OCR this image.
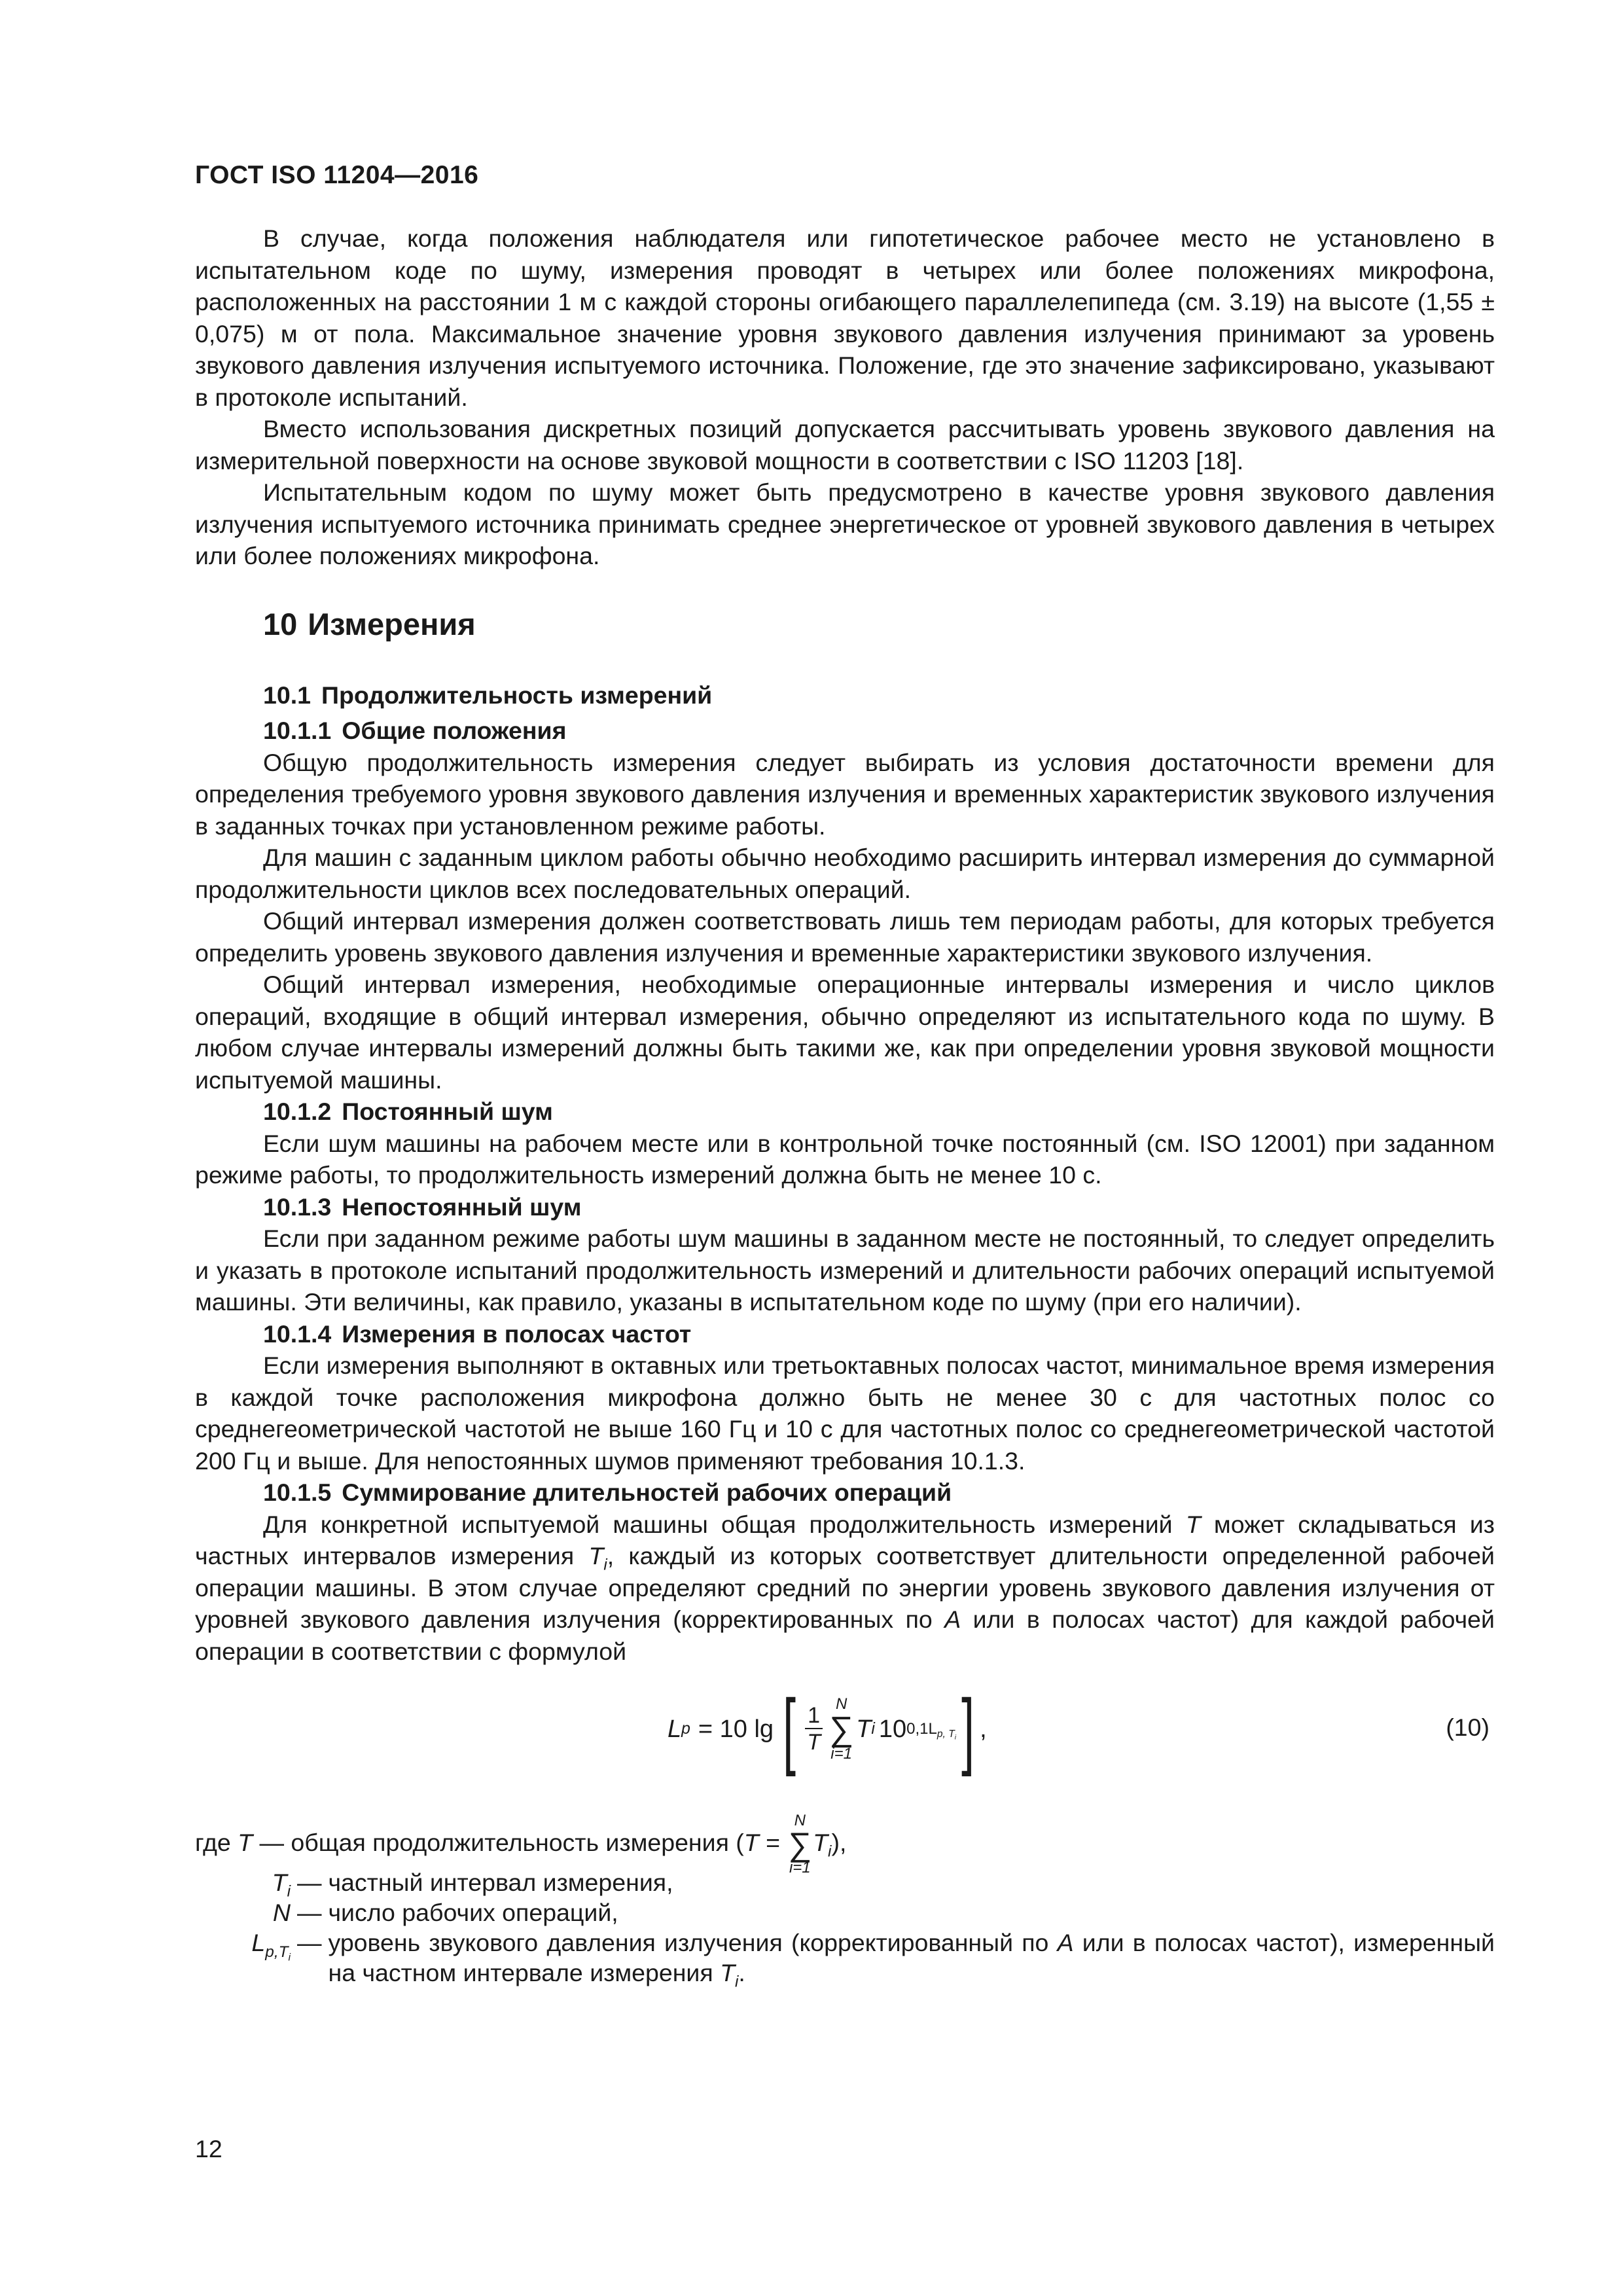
ГОСТ ISO 11204—2016

В случае, когда положения наблюдателя или гипотетическое рабочее место не установлено в испытательном коде по шуму, измерения проводят в четырех или более положениях микрофона, расположенных на расстоянии 1 м с каждой стороны огибающего параллелепипеда (см. 3.19) на высоте (1,55 ± 0,075) м от пола. Максимальное значение уровня звукового давления излучения принимают за уровень звукового давления излучения испытуемого источника. Положение, где это значение зафиксировано, указывают в протоколе испытаний.

Вместо использования дискретных позиций допускается рассчитывать уровень звукового давления на измерительной поверхности на основе звуковой мощности в соответствии с ISO 11203 [18].

Испытательным кодом по шуму может быть предусмотрено в качестве уровня звукового давления излучения испытуемого источника принимать среднее энергетическое от уровней звукового давления в четырех или более положениях микрофона.

10 Измерения
10.1 Продолжительность измерений
10.1.1 Общие положения

Общую продолжительность измерения следует выбирать из условия достаточности времени для определения требуемого уровня звукового давления излучения и временных характеристик звукового излучения в заданных точках при установленном режиме работы.

Для машин с заданным циклом работы обычно необходимо расширить интервал измерения до суммарной продолжительности циклов всех последовательных операций.

Общий интервал измерения должен соответствовать лишь тем периодам работы, для которых требуется определить уровень звукового давления излучения и временные характеристики звукового излучения.

Общий интервал измерения, необходимые операционные интервалы измерения и число циклов операций, входящие в общий интервал измерения, обычно определяют из испытательного кода по шуму. В любом случае интервалы измерений должны быть такими же, как при определении уровня звуковой мощности испытуемой машины.

10.1.2 Постоянный шум

Если шум машины на рабочем месте или в контрольной точке постоянный (см. ISO 12001) при заданном режиме работы, то продолжительность измерений должна быть не менее 10 с.

10.1.3 Непостоянный шум

Если при заданном режиме работы шум машины в заданном месте не постоянный, то следует определить и указать в протоколе испытаний продолжительность измерений и длительности рабочих операций испытуемой машины. Эти величины, как правило, указаны в испытательном коде по шуму (при его наличии).

10.1.4 Измерения в полосах частот

Если измерения выполняют в октавных или третьоктавных полосах частот, минимальное время измерения в каждой точке расположения микрофона должно быть не менее 30 с для частотных полос со среднегеометрической частотой не выше 160 Гц и 10 с для частотных полос со среднегеометрической частотой 200 Гц и выше. Для непостоянных шумов применяют требования 10.1.3.

10.1.5 Суммирование длительностей рабочих операций

Для конкретной испытуемой машины общая продолжительность измерений T может складываться из частных интервалов измерения $T_i$, каждый из которых соответствует длительности определенной рабочей операции машины. В этом случае определяют средний по энергии уровень звукового давления излучения от уровней звукового давления излучения (корректированных по A или в полосах частот) для каждой рабочей операции в соответствии с формулой

L p = 10 lg [ $\frac{1}{T}$ N
∑
i=1
T i 10 $0,1L_{p, T_i}$ ] ,	(10)
где T — общая продолжительность измерения (T =
N
∑
i=1
$T_i$),
$T_i$ — частный интервал измерения,
N — число рабочих операций,
$L_{p,T_i}$
— уровень звукового давления излучения (корректированный по A или в полосах частот), измеренный на частном интервале измерения $T_i$.
12
